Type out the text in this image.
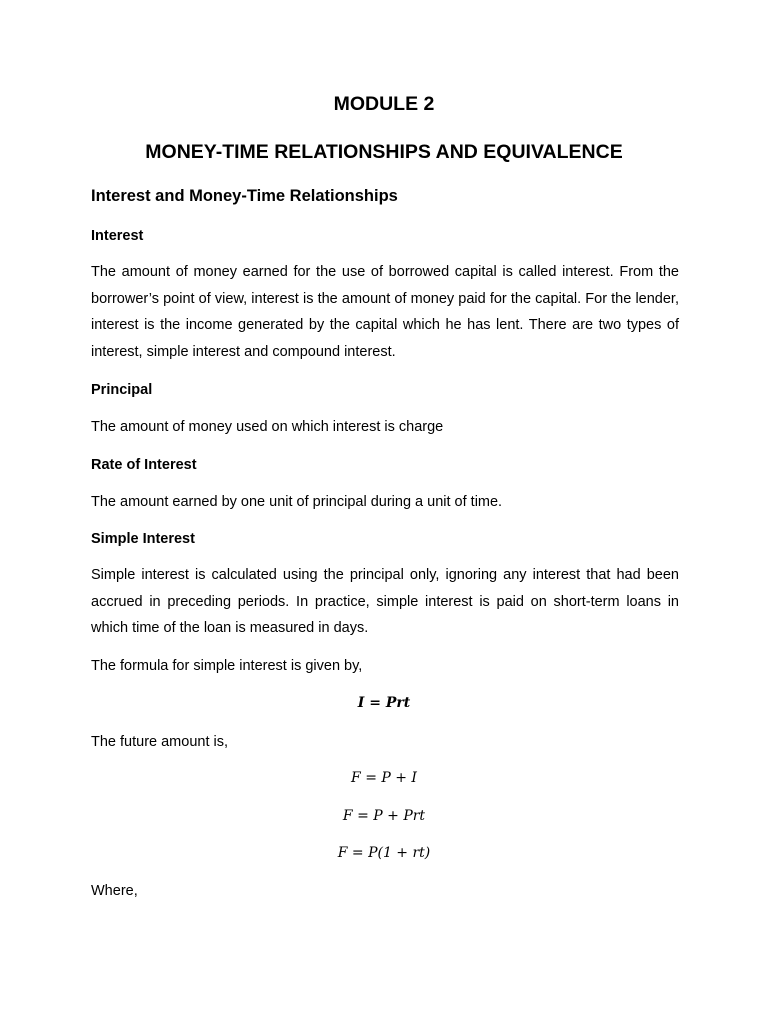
MODULE 2
MONEY-TIME RELATIONSHIPS AND EQUIVALENCE
Interest and Money-Time Relationships
Interest

The amount of money earned for the use of borrowed capital is called interest. From the borrower’s point of view, interest is the amount of money paid for the capital. For the lender, interest is the income generated by the capital which he has lent. There are two types of interest, simple interest and compound interest.

Principal

The amount of money used on which interest is charge

Rate of Interest

The amount earned by one unit of principal during a unit of time.

Simple Interest

Simple interest is calculated using the principal only, ignoring any interest that had been accrued in preceding periods. In practice, simple interest is paid on short-term loans in which time of the loan is measured in days.

The formula for simple interest is given by,

I = Prt

The future amount is,

F = P + I

F = P + Prt

F = P(1 + rt)

Where,
